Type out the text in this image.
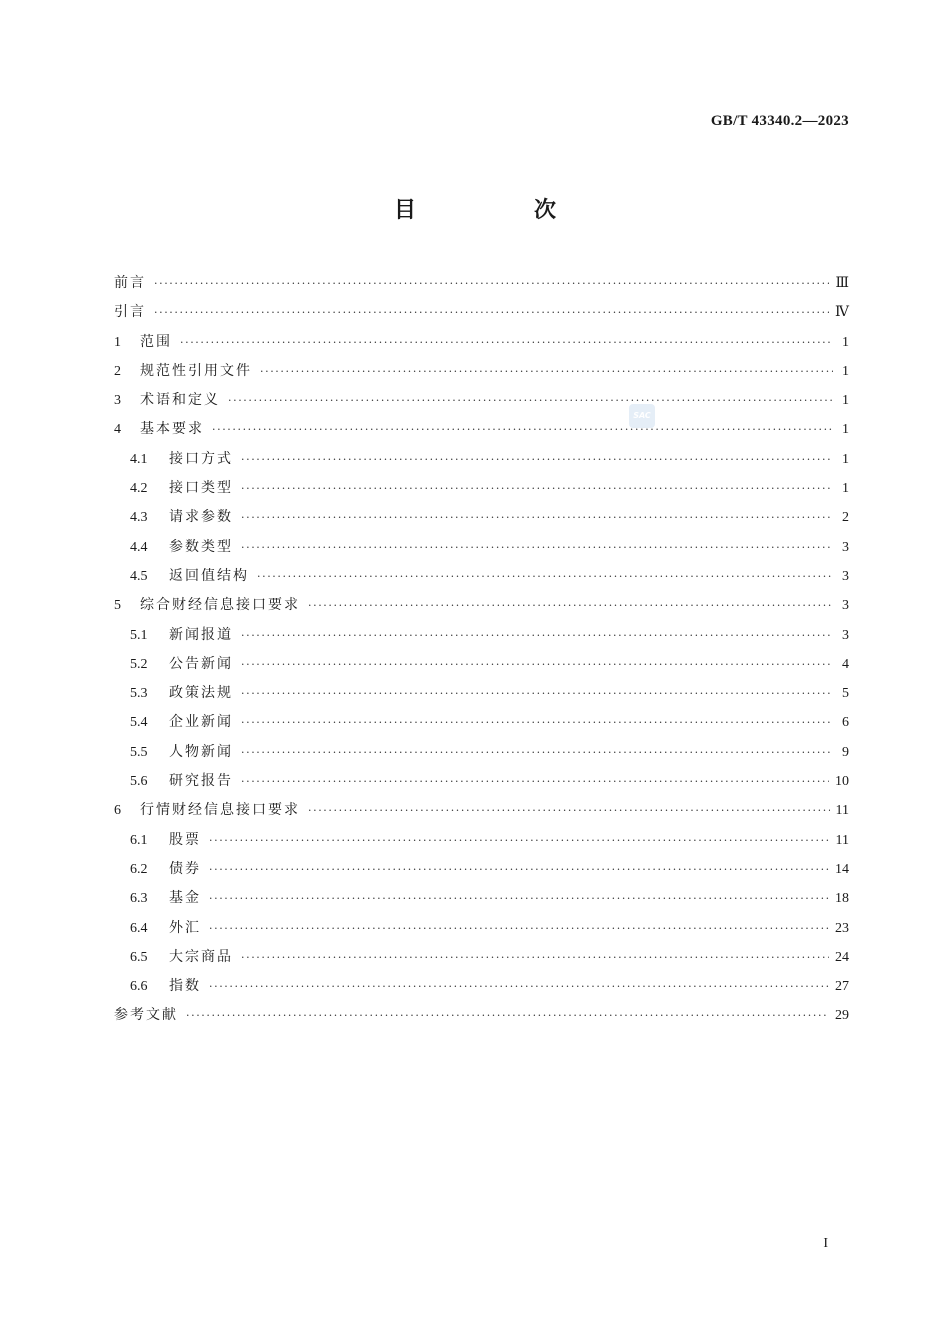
GB/T 43340.2—2023
目　次
SAC
前言 ·····	Ⅲ
引言 ·····	Ⅳ
1	范围 ·····	1
2	规范性引用文件 ·····	1
3	术语和定义 ·····	1
4	基本要求 ·····	1
4.1	接口方式 ·····	1
4.2	接口类型 ·····	1
4.3	请求参数 ·····	2
4.4	参数类型 ·····	3
4.5	返回值结构 ·····	3
5	综合财经信息接口要求 ·····	3
5.1	新闻报道 ·····	3
5.2	公告新闻 ·····	4
5.3	政策法规 ·····	5
5.4	企业新闻 ·····	6
5.5	人物新闻 ·····	9
5.6	研究报告 ·····	10
6	行情财经信息接口要求 ·····	11
6.1	股票 ·····	11
6.2	债券 ·····	14
6.3	基金 ·····	18
6.4	外汇 ·····	23
6.5	大宗商品 ·····	24
6.6	指数 ·····	27
参考文献 ·····	29
I
